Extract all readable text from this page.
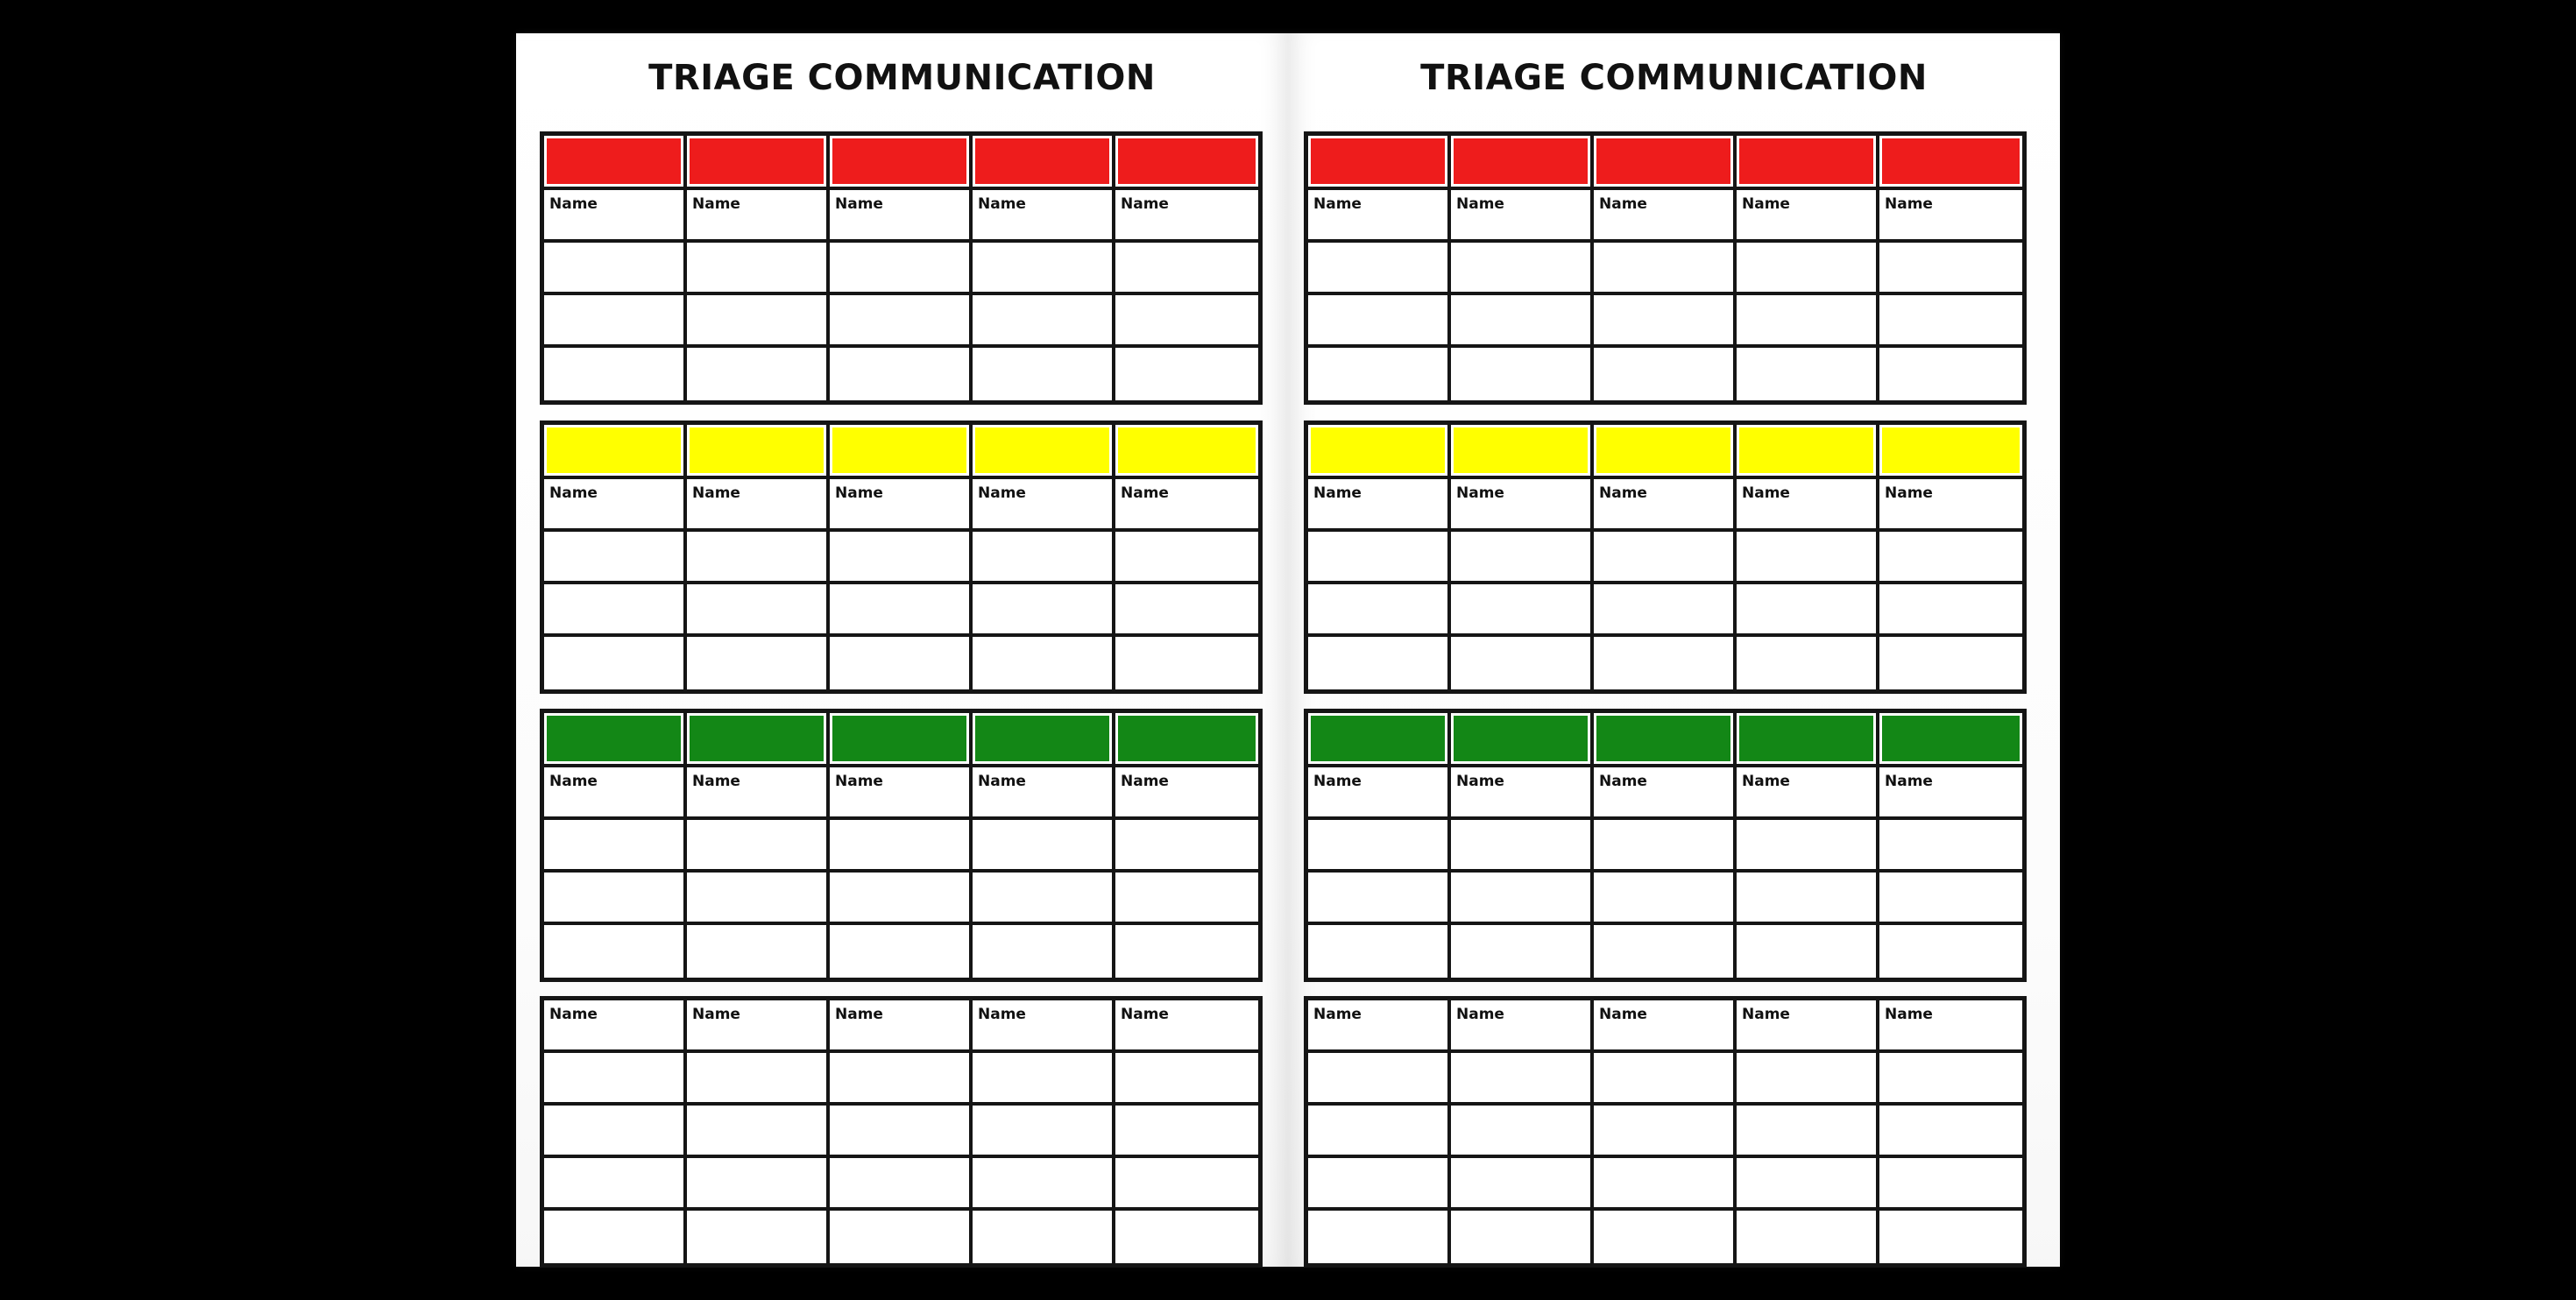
TRIAGE COMMUNICATION
Name	Name	Name	Name	Name
Name	Name	Name	Name	Name
Name	Name	Name	Name	Name
Name	Name	Name	Name	Name
TRIAGE COMMUNICATION
Name	Name	Name	Name	Name
Name	Name	Name	Name	Name
Name	Name	Name	Name	Name
Name	Name	Name	Name	Name
